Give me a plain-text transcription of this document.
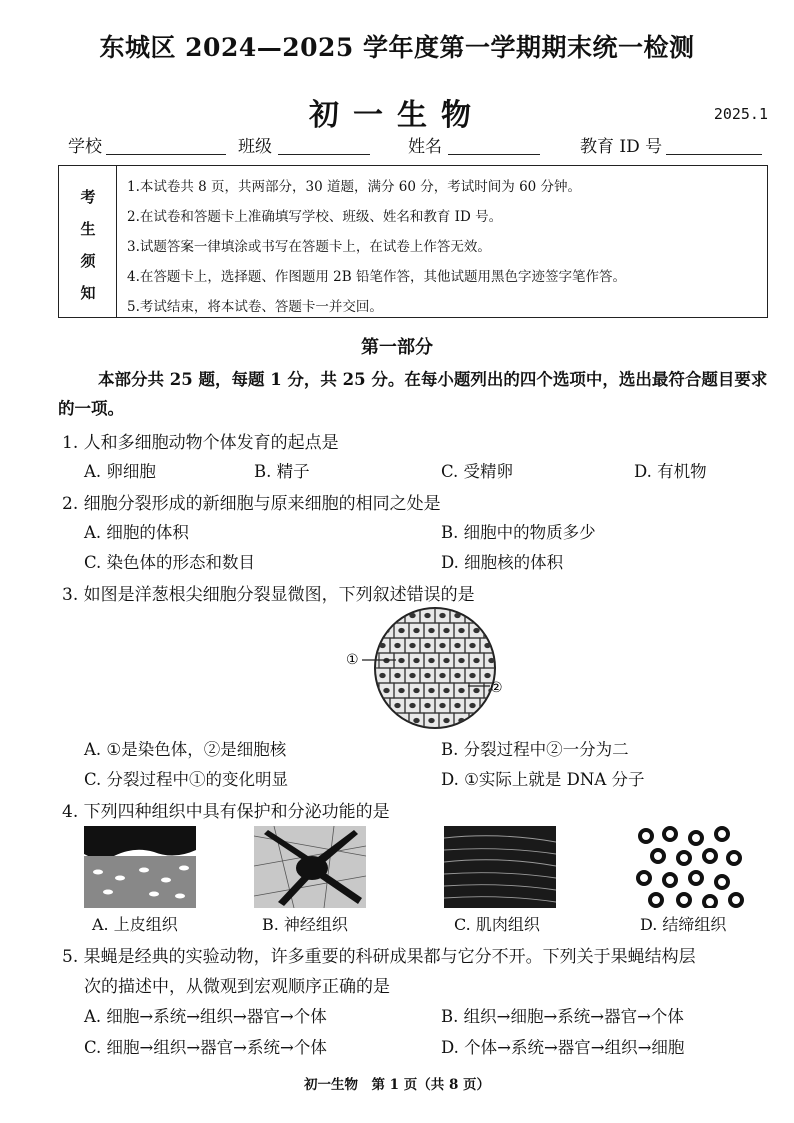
东城区 2024—2025 学年度第一学期期末统一检测
初一生物	2025.1
学校	班级	姓名	教育 ID 号
考
生
须
知
1.本试卷共 8 页，共两部分，30 道题，满分 60 分，考试时间为 60 分钟。
2.在试卷和答题卡上准确填写学校、班级、姓名和教育 ID 号。
3.试题答案一律填涂或书写在答题卡上，在试卷上作答无效。
4.在答题卡上，选择题、作图题用 2B 铅笔作答，其他试题用黑色字迹签字笔作答。
5.考试结束，将本试卷、答题卡一并交回。
第一部分
本部分共 25 题，每题 1 分，共 25 分。在每小题列出的四个选项中，选出最符合题目要求的一项。
1. 人和多细胞动物个体发育的起点是
A. 卵细胞	B. 精子	C. 受精卵	D. 有机物
2. 细胞分裂形成的新细胞与原来细胞的相同之处是
A. 细胞的体积	B. 细胞中的物质多少
C. 染色体的形态和数目	D. 细胞核的体积
3. 如图是洋葱根尖细胞分裂显微图，下列叙述错误的是
①
②
A. ①是染色体，②是细胞核	B. 分裂过程中②一分为二
C. 分裂过程中①的变化明显	D. ①实际上就是 DNA 分子
4. 下列四种组织中具有保护和分泌功能的是
A. 上皮组织	B. 神经组织	C. 肌肉组织	D. 结缔组织
5. 果蝇是经典的实验动物，许多重要的科研成果都与它分不开。下列关于果蝇结构层
次的描述中，从微观到宏观顺序正确的是
A. 细胞→系统→组织→器官→个体	B. 组织→细胞→系统→器官→个体
C. 细胞→组织→器官→系统→个体	D. 个体→系统→器官→组织→细胞
初一生物　第 1 页（共 8 页）
